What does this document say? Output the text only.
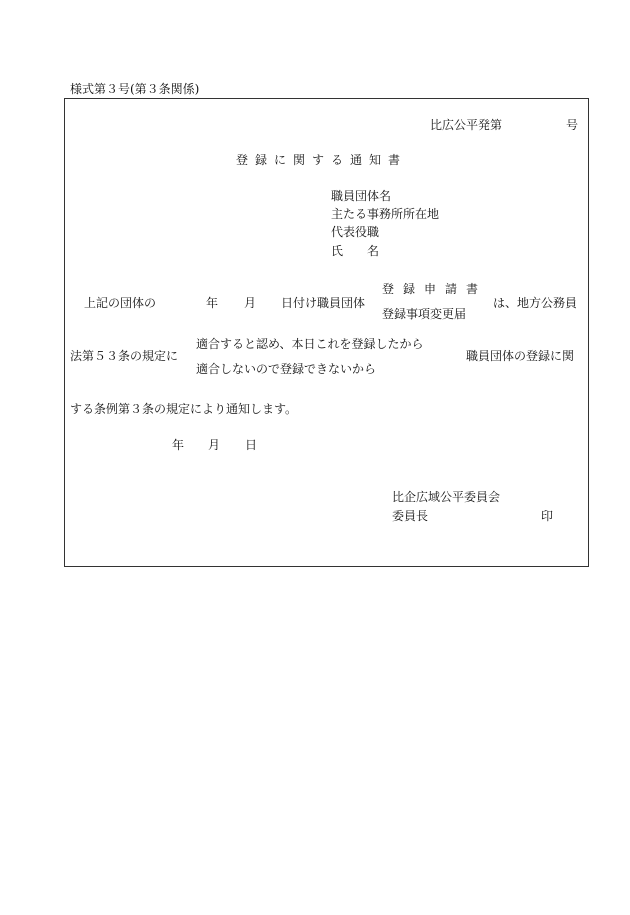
様式第３号(第３条関係)
比広公平発第	号
登録に関する通知書
職員団体名
主たる事務所所在地
代表役職
氏　　名
上記の団体の	年 月 日付け職員団体
登録申請書
登録事項変更届
は、地方公務員
法第５３条の規定に
適合すると認め、本日これを登録したから
適合しないので登録できないから
職員団体の登録に関
する条例第３条の規定により通知します。
年 月 日
比企広域公平委員会
委員長	印
